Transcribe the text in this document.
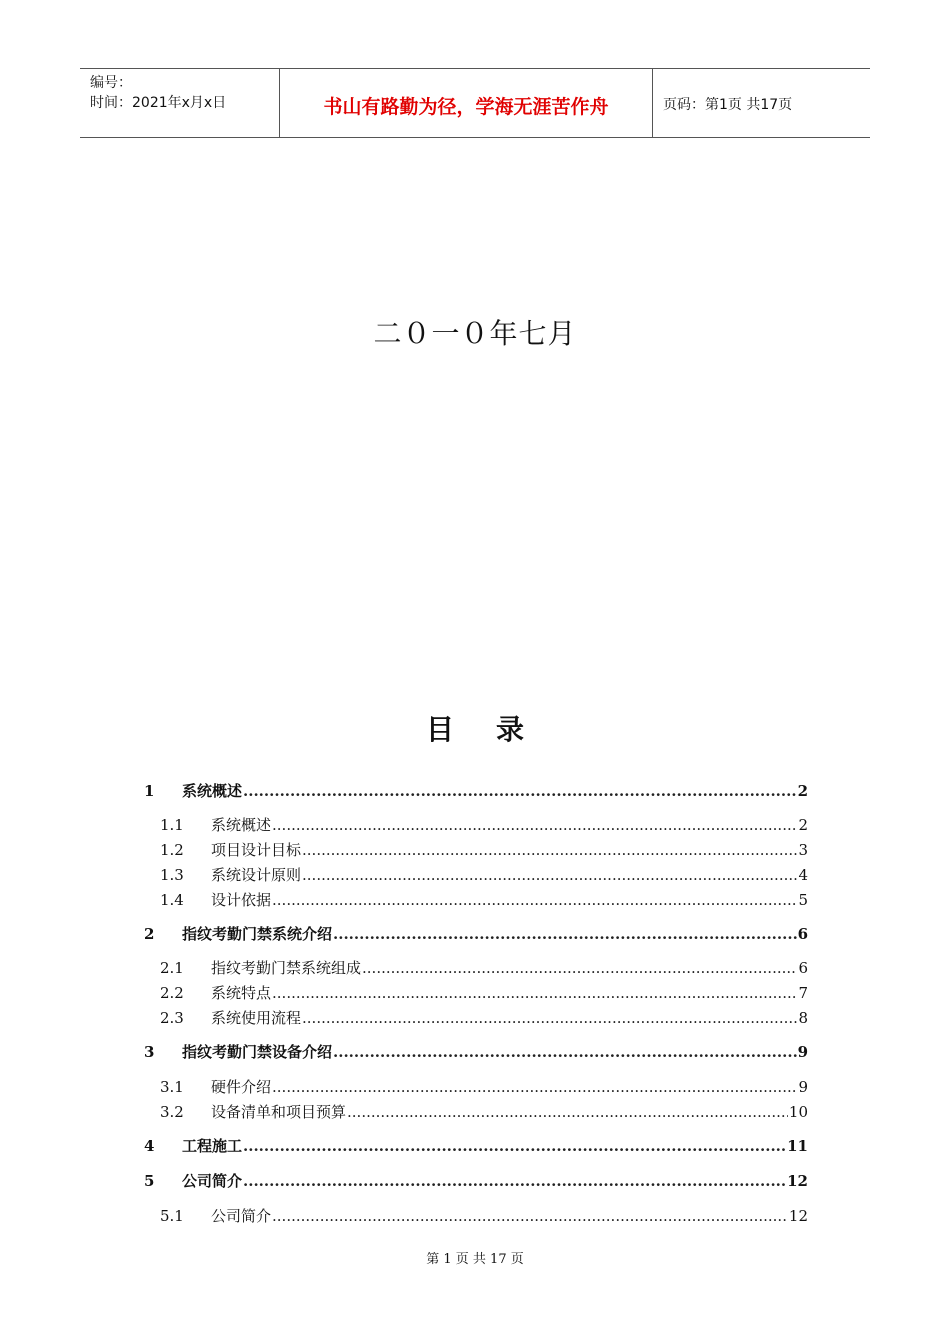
编号：
时间：2021年x月x日	书山有路勤为径，学海无涯苦作舟	页码：第1页 共17页
二０一０年七月
目 录
1	系统概述 .....	2
1.1	系统概述 .....	2
1.2	项目设计目标 .....	3
1.3	系统设计原则 .....	4
1.4	设计依据 .....	5
2	指纹考勤门禁系统介绍 .....	6
2.1	指纹考勤门禁系统组成 .....	6
2.2	系统特点 .....	7
2.3	系统使用流程 .....	8
3	指纹考勤门禁设备介绍 .....	9
3.1	硬件介绍 .....	9
3.2	设备清单和项目预算 .....	10
4	工程施工 .....	11
5	公司简介 .....	12
5.1	公司简介 .....	12
第 1 页 共 17 页
